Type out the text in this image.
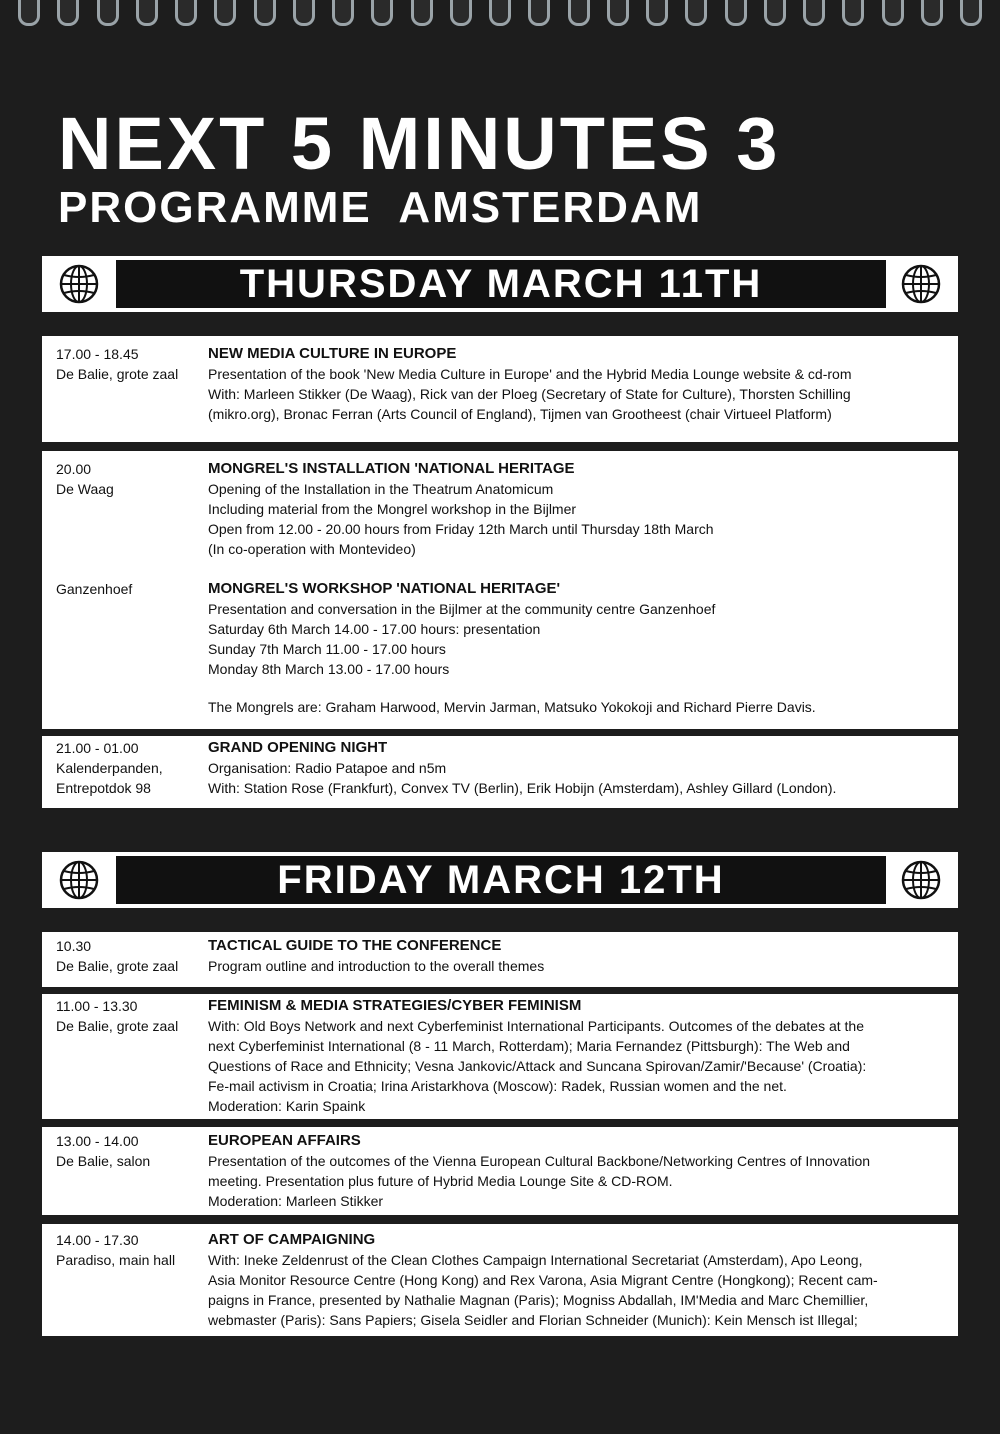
NEXT 5 MINUTES 3
PROGRAMME AMSTERDAM
THURSDAY MARCH 11TH
17.00 - 18.45
De Balie, grote zaal
NEW MEDIA CULTURE IN EUROPE
Presentation of the book 'New Media Culture in Europe' and the Hybrid Media Lounge website & cd-rom
With: Marleen Stikker (De Waag), Rick van der Ploeg (Secretary of State for Culture), Thorsten Schilling
(mikro.org), Bronac Ferran (Arts Council of England), Tijmen van Grootheest (chair Virtueel Platform)
20.00
De Waag
MONGREL'S INSTALLATION 'NATIONAL HERITAGE
Opening of the Installation in the Theatrum Anatomicum
Including material from the Mongrel workshop in the Bijlmer
Open from 12.00 - 20.00 hours from Friday 12th March until Thursday 18th March
(In co-operation with Montevideo)
Ganzenhoef	MONGREL'S WORKSHOP 'NATIONAL HERITAGE'
Presentation and conversation in the Bijlmer at the community centre Ganzenhoef
Saturday 6th March 14.00 - 17.00 hours: presentation
Sunday 7th March 11.00 - 17.00 hours
Monday 8th March 13.00 - 17.00 hours
The Mongrels are: Graham Harwood, Mervin Jarman, Matsuko Yokokoji and Richard Pierre Davis.
21.00 - 01.00
Kalenderpanden,
Entrepotdok 98
GRAND OPENING NIGHT
Organisation: Radio Patapoe and n5m
With: Station Rose (Frankfurt), Convex TV (Berlin), Erik Hobijn (Amsterdam), Ashley Gillard (London).
FRIDAY MARCH 12TH
10.30
De Balie, grote zaal
TACTICAL GUIDE TO THE CONFERENCE
Program outline and introduction to the overall themes
11.00 - 13.30
De Balie, grote zaal
FEMINISM & MEDIA STRATEGIES/CYBER FEMINISM
With: Old Boys Network and next Cyberfeminist International Participants. Outcomes of the debates at the
next Cyberfeminist International (8 - 11 March, Rotterdam); Maria Fernandez (Pittsburgh): The Web and
Questions of Race and Ethnicity; Vesna Jankovic/Attack and Suncana Spirovan/Zamir/'Because' (Croatia):
Fe-mail activism in Croatia; Irina Aristarkhova (Moscow): Radek, Russian women and the net.
Moderation: Karin Spaink
13.00 - 14.00
De Balie, salon
EUROPEAN AFFAIRS
Presentation of the outcomes of the Vienna European Cultural Backbone/Networking Centres of Innovation
meeting. Presentation plus future of Hybrid Media Lounge Site & CD-ROM.
Moderation: Marleen Stikker
14.00 - 17.30
Paradiso, main hall
ART OF CAMPAIGNING
With: Ineke Zeldenrust of the Clean Clothes Campaign International Secretariat (Amsterdam), Apo Leong,
Asia Monitor Resource Centre (Hong Kong) and Rex Varona, Asia Migrant Centre (Hongkong); Recent cam-
paigns in France, presented by Nathalie Magnan (Paris); Mogniss Abdallah, IM'Media and Marc Chemillier,
webmaster (Paris): Sans Papiers; Gisela Seidler and Florian Schneider (Munich): Kein Mensch ist Illegal;
